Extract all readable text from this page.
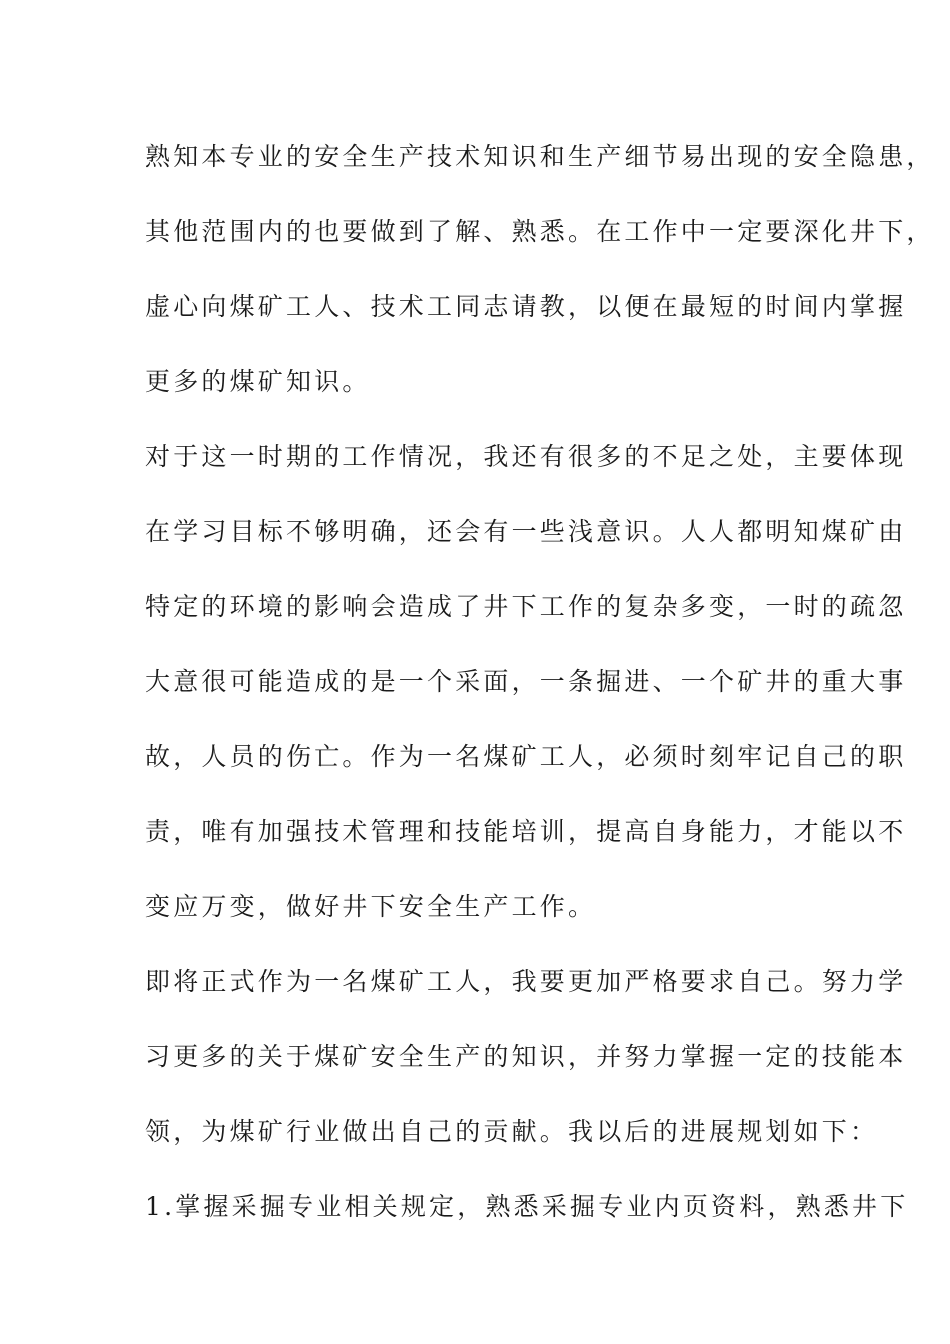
熟知本专业的安全生产技术知识和生产细节易出现的安全隐患，
其他范围内的也要做到了解、熟悉。在工作中一定要深化井下，
虚心向煤矿工人、技术工同志请教，以便在最短的时间内掌握
更多的煤矿知识。
对于这一时期的工作情况，我还有很多的不足之处，主要体现
在学习目标不够明确，还会有一些浅意识。人人都明知煤矿由
特定的环境的影响会造成了井下工作的复杂多变，一时的疏忽
大意很可能造成的是一个采面，一条掘进、一个矿井的重大事
故，人员的伤亡。作为一名煤矿工人，必须时刻牢记自己的职
责，唯有加强技术管理和技能培训，提高自身能力，才能以不
变应万变，做好井下安全生产工作。
即将正式作为一名煤矿工人，我要更加严格要求自己。努力学
习更多的关于煤矿安全生产的知识，并努力掌握一定的技能本
领，为煤矿行业做出自己的贡献。我以后的进展规划如下：
1.掌握采掘专业相关规定，熟悉采掘专业内页资料，熟悉井下
